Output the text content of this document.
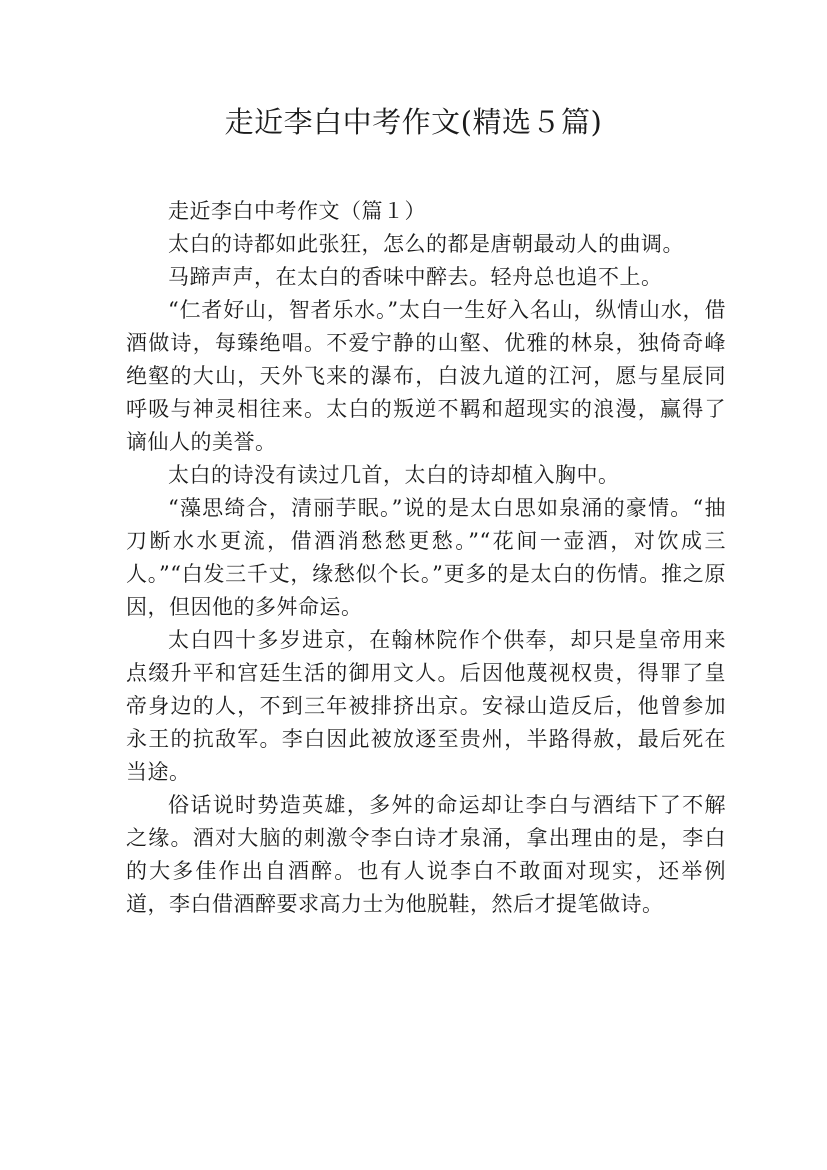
走近李白中考作文(精选５篇)

走近李白中考作文（篇１）

太白的诗都如此张狂，怎么的都是唐朝最动人的曲调。

马蹄声声，在太白的香味中醉去。轻舟总也追不上。

“仁者好山，智者乐水。”太白一生好入名山，纵情山水，借酒做诗，每臻绝唱。不爱宁静的山壑、优雅的林泉，独倚奇峰绝壑的大山，天外飞来的瀑布，白波九道的江河，愿与星辰同呼吸与神灵相往来。太白的叛逆不羁和超现实的浪漫，赢得了谪仙人的美誉。

太白的诗没有读过几首，太白的诗却植入胸中。

“藻思绮合，清丽芋眠。”说的是太白思如泉涌的豪情。“抽刀断水水更流，借酒消愁愁更愁。”“花间一壶酒，对饮成三人。”“白发三千丈，缘愁似个长。”更多的是太白的伤情。推之原因，但因他的多舛命运。

太白四十多岁进京，在翰林院作个供奉，却只是皇帝用来点缀升平和宫廷生活的御用文人。后因他蔑视权贵，得罪了皇帝身边的人，不到三年被排挤出京。安禄山造反后，他曾参加永王的抗敌军。李白因此被放逐至贵州，半路得赦，最后死在当途。

俗话说时势造英雄，多舛的命运却让李白与酒结下了不解之缘。酒对大脑的刺激令李白诗才泉涌，拿出理由的是，李白的大多佳作出自酒醉。也有人说李白不敢面对现实，还举例道，李白借酒醉要求高力士为他脱鞋，然后才提笔做诗。
